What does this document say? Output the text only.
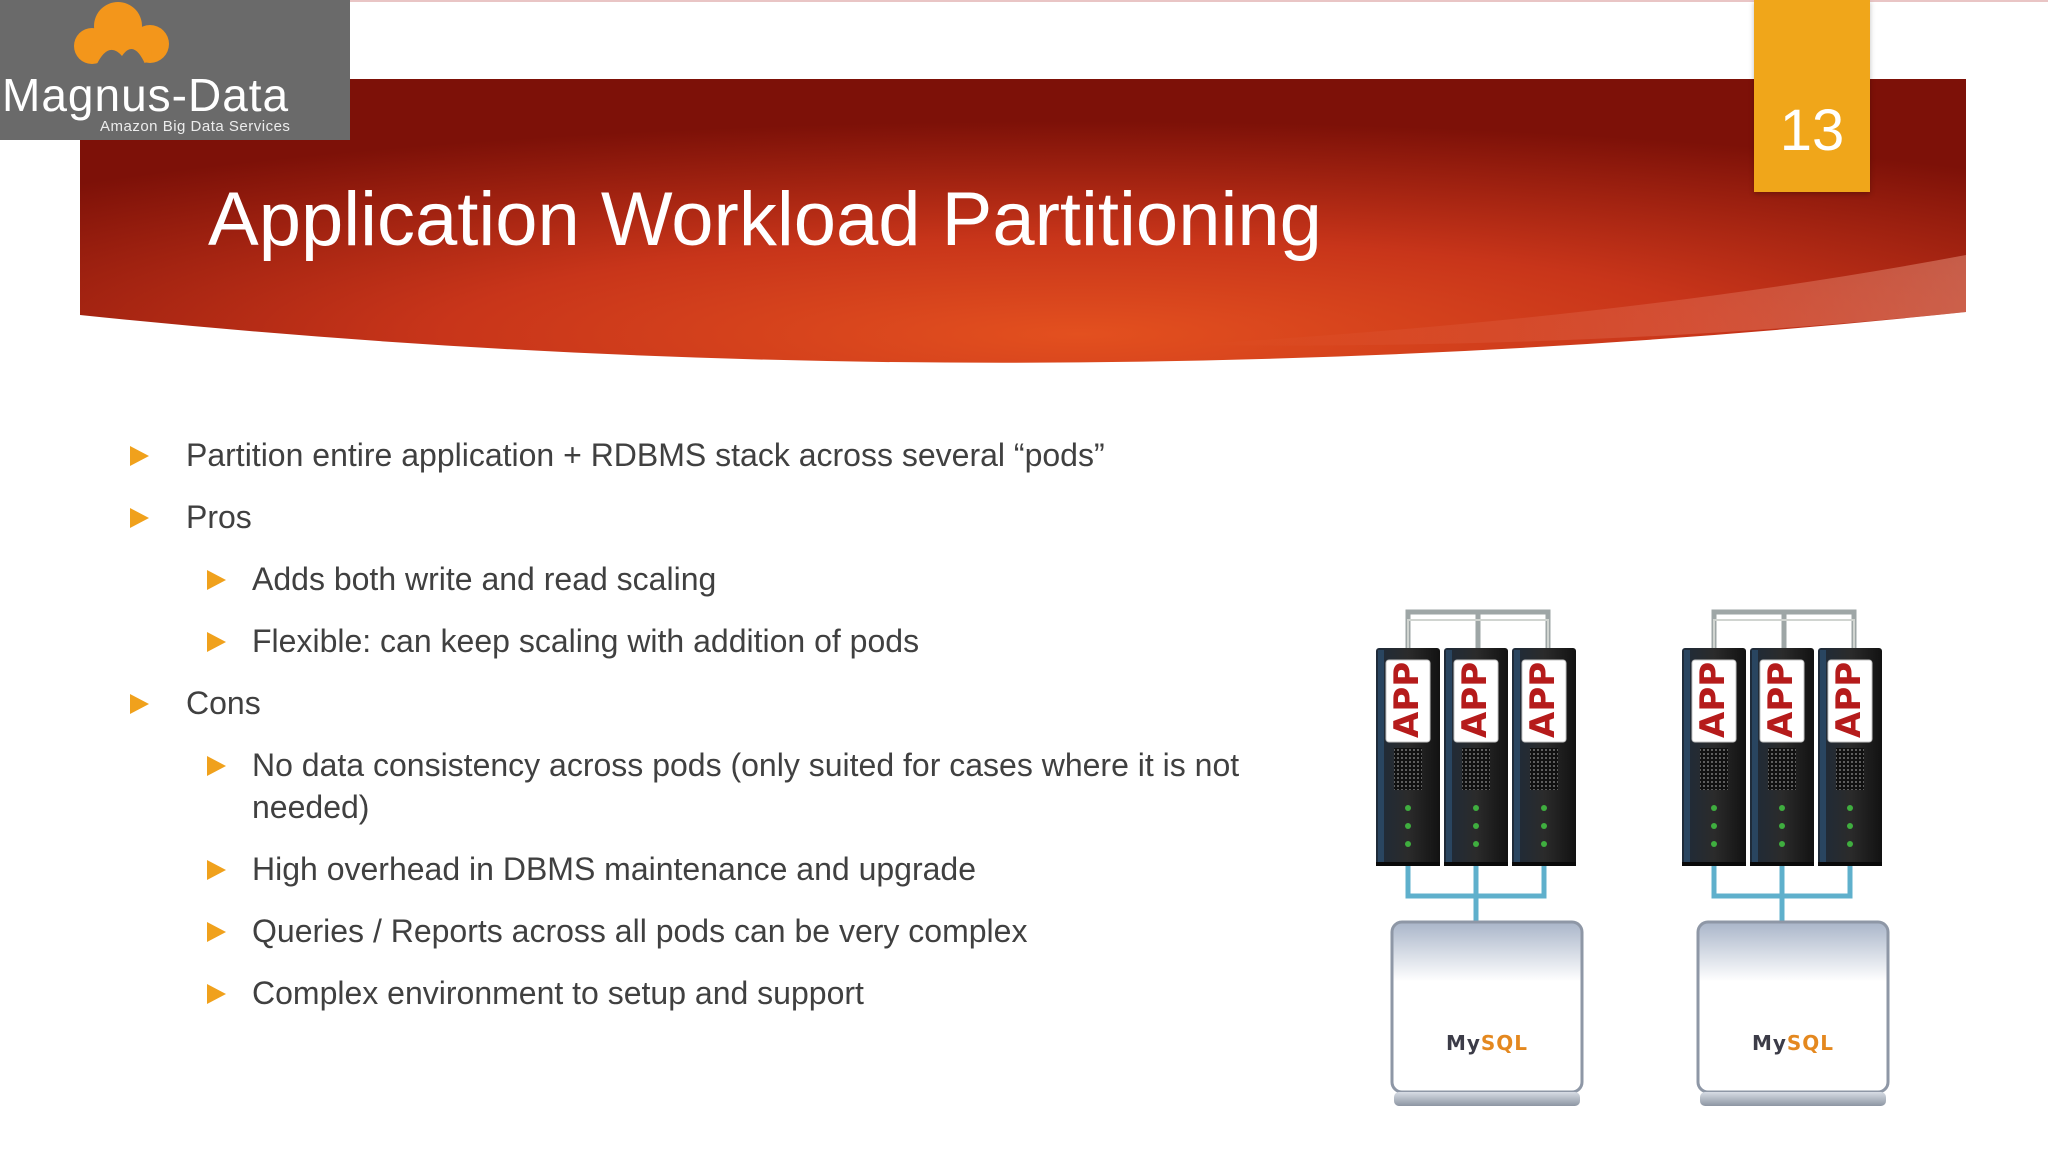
Application Workload Partitioning
Magnus-Data
Amazon Big Data Services	13
Partition entire application + RDBMS stack across several “pods”
Pros
Adds both write and read scaling
Flexible: can keep scaling with addition of pods
Cons
No data consistency across pods (only suited for cases where it is not
needed)
High overhead in DBMS maintenance and upgrade
Queries / Reports across all pods can be very complex
Complex environment to setup and support
APP APP APP
MySQL
APP APP APP
MySQL
